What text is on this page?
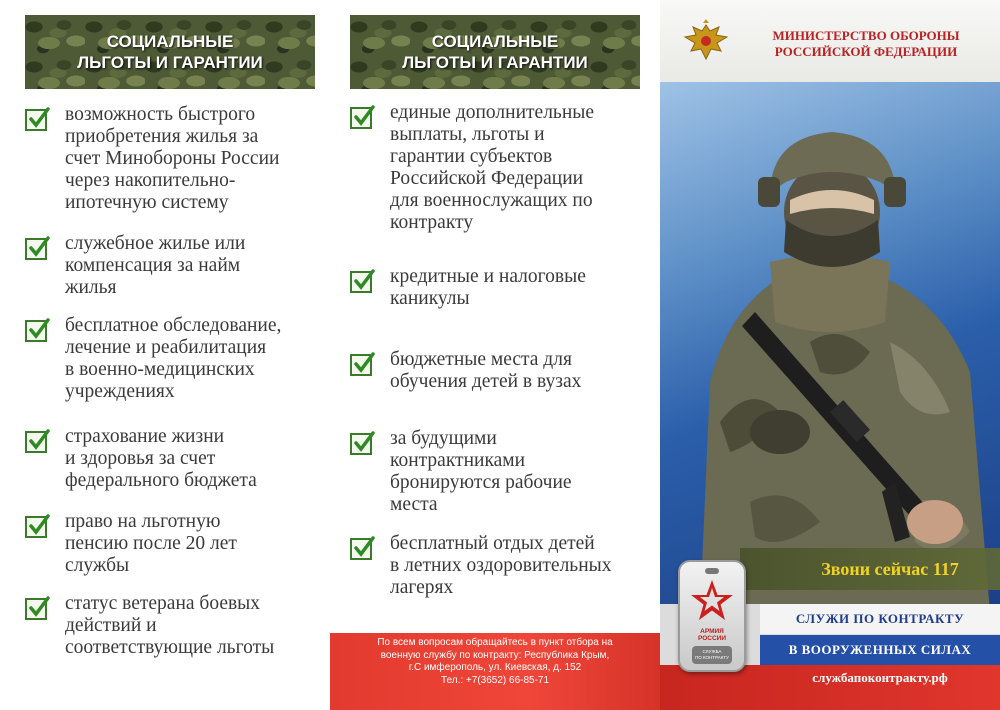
СОЦИАЛЬНЫЕ
ЛЬГОТЫ И ГАРАНТИИ
возможность быстрого
приобретения жилья за
счет Минобороны России
через накопительно-
ипотечную систему
служебное жилье или
компенсация за найм
жилья
бесплатное обследование,
лечение и реабилитация
в военно-медицинских
учреждениях
страхование жизни
и здоровья за счет
федерального бюджета
право на льготную
пенсию после 20 лет
службы
статус ветерана боевых
действий и
соответствующие льготы
СОЦИАЛЬНЫЕ
ЛЬГОТЫ И ГАРАНТИИ
единые дополнительные
выплаты, льготы и
гарантии субъектов
Российской Федерации
для военнослужащих по
контракту
кредитные и налоговые
каникулы
бюджетные места для
обучения детей в вузах
за будущими
контрактниками
бронируются рабочие
места
бесплатный отдых детей
в летних оздоровительных
лагерях
По всем вопросам обращайтесь в пункт отбора на
военную службу по контракту: Республика Крым,
г.С имферополь, ул. Киевская, д. 152
Тел.: +7(3652) 66-85-71
МИНИСТЕРСТВО ОБОРОНЫ
РОССИЙСКОЙ ФЕДЕРАЦИИ
Звони сейчас 117
СЛУЖИ ПО КОНТРАКТУ
В ВООРУЖЕННЫХ СИЛАХ
службапоконтракту.рф
АРМИЯ
РОССИИ
СЛУЖБА
ПО КОНТРАКТУ
